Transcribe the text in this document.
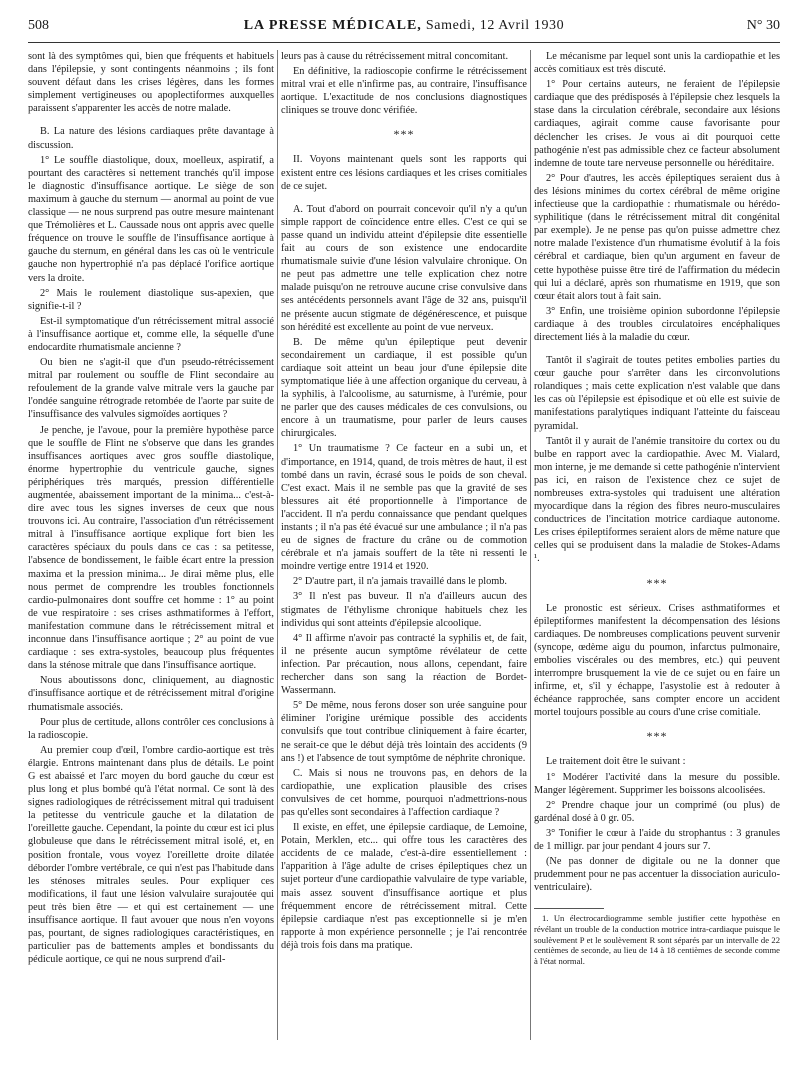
508	LA PRESSE MÉDICALE, Samedi, 12 Avril 1930	N° 30

sont là des symptômes qui, bien que fréquents et habituels dans l'épilepsie, y sont contingents néanmoins ; ils font souvent défaut dans les crises légères, dans les formes simplement vertigineuses ou apoplectiformes auxquelles paraissent s'apparenter les accès de notre malade.

B. La nature des lésions cardiaques prête davantage à discussion.

1° Le souffle diastolique, doux, moelleux, aspiratif, a pourtant des caractères si nettement tranchés qu'il impose le diagnostic d'insuffisance aortique. Le siège de son maximum à gauche du sternum — anormal au point de vue classique — ne nous surprend pas outre mesure maintenant que Trémolières et L. Caussade nous ont appris avec quelle fréquence on trouve le souffle de l'insuffisance aortique à gauche du sternum, en général dans les cas où le ventricule gauche non hypertrophié n'a pas déplacé l'orifice aortique vers la droite.

2° Mais le roulement diastolique sus-apexien, que signifie-t-il ?

Est-il symptomatique d'un rétrécissement mitral associé à l'insuffisance aortique et, comme elle, la séquelle d'une endocardite rhumatismale ancienne ?

Ou bien ne s'agit-il que d'un pseudo-rétrécissement mitral par roulement ou souffle de Flint secondaire au refoulement de la grande valve mitrale vers la gauche par l'ondée sanguine rétrograde retombée de l'aorte par suite de l'insuffisance des valvules sigmoïdes aortiques ?

Je penche, je l'avoue, pour la première hypothèse parce que le souffle de Flint ne s'observe que dans les grandes insuffisances aortiques avec gros souffle diastolique, énorme hypertrophie du ventricule gauche, signes périphériques très marqués, pression différentielle augmentée, abaissement important de la minima... c'est-à-dire avec tous les signes inverses de ceux que nous trouvons ici. Au contraire, l'association d'un rétrécissement mitral à l'insuffisance aortique explique fort bien les caractères spéciaux du pouls dans ce cas : sa petitesse, l'absence de bondissement, le faible écart entre la pression maxima et la pression minima... Je dirai même plus, elle nous permet de comprendre les troubles fonctionnels cardio-pulmonaires dont souffre cet homme : 1° au point de vue respiratoire : ses crises asthmatiformes à l'effort, manifestation commune dans le rétrécissement mitral et inconnue dans l'insuffisance aortique ; 2° au point de vue cardiaque : ses extra-systoles, beaucoup plus fréquentes dans la sténose mitrale que dans l'insuffisance aortique.

Nous aboutissons donc, cliniquement, au diagnostic d'insuffisance aortique et de rétrécissement mitral d'origine rhumatismale associés.

Pour plus de certitude, allons contrôler ces conclusions à la radioscopie.

Au premier coup d'œil, l'ombre cardio-aortique est très élargie. Entrons maintenant dans plus de détails. Le point G est abaissé et l'arc moyen du bord gauche du cœur est plus long et plus bombé qu'à l'état normal. Ce sont là des signes radiologiques de rétrécissement mitral qui traduisent la petitesse du ventricule gauche et la dilatation de l'oreillette gauche. Cependant, la pointe du cœur est ici plus globuleuse que dans le rétrécissement mitral isolé, et, en position frontale, vous voyez l'oreillette droite dilatée déborder l'ombre vertébrale, ce qui n'est pas l'habitude dans les sténoses mitrales seules. Pour expliquer ces modifications, il faut une lésion valvulaire surajoutée qui peut très bien être — et qui est certainement — une insuffisance aortique. Il faut avouer que nous n'en voyons pas, pourtant, de signes radiologiques caractéristiques, en particulier pas de battements amples et bondissants du pédicule aortique, ce qui ne nous surprend d'ail-

leurs pas à cause du rétrécissement mitral concomitant.

En définitive, la radioscopie confirme le rétrécissement mitral vrai et elle n'infirme pas, au contraire, l'insuffisance aortique. L'exactitude de nos conclusions diagnostiques cliniques se trouve donc vérifiée.

***

II. Voyons maintenant quels sont les rapports qui existent entre ces lésions cardiaques et les crises comitiales de ce sujet.

A. Tout d'abord on pourrait concevoir qu'il n'y a qu'un simple rapport de coïncidence entre elles. C'est ce qui se passe quand un individu atteint d'épilepsie dite essentielle fait au cours de son existence une endocardite rhumatismale suivie d'une lésion valvulaire chronique. On ne peut pas admettre une telle explication chez notre malade puisqu'on ne retrouve aucune crise convulsive dans ses antécédents personnels avant l'âge de 32 ans, puisqu'il ne présente aucun stigmate de dégénérescence, et puisque son hérédité est excellente au point de vue nerveux.

B. De même qu'un épileptique peut devenir secondairement un cardiaque, il est possible qu'un cardiaque soit atteint un beau jour d'une épilepsie dite symptomatique liée à une affection organique du cerveau, à la syphilis, à l'alcoolisme, au saturnisme, à l'urémie, pour ne parler que des causes médicales de ces convulsions, ou encore à un traumatisme, pour parler de leurs causes chirurgicales.

1° Un traumatisme ? Ce facteur en a subi un, et d'importance, en 1914, quand, de trois mètres de haut, il est tombé dans un ravin, écrasé sous le poids de son cheval. C'est exact. Mais il ne semble pas que la gravité de ses blessures ait été proportionnelle à l'importance de l'accident. Il n'a perdu connaissance que pendant quelques instants ; il n'a pas été évacué sur une ambulance ; il n'a pas eu de signes de fracture du crâne ou de commotion cérébrale et n'a jamais souffert de la tête ni ressenti le moindre vertige entre 1914 et 1920.

2° D'autre part, il n'a jamais travaillé dans le plomb.

3° Il n'est pas buveur. Il n'a d'ailleurs aucun des stigmates de l'éthylisme chronique habituels chez les individus qui sont atteints d'épilepsie alcoolique.

4° Il affirme n'avoir pas contracté la syphilis et, de fait, il ne présente aucun symptôme révélateur de cette infection. Par précaution, nous allons, cependant, faire rechercher dans son sang la réaction de Bordet-Wassermann.

5° De même, nous ferons doser son urée sanguine pour éliminer l'origine urémique possible des accidents convulsifs que tout contribue cliniquement à faire écarter, ne serait-ce que le début déjà très lointain des accidents (9 ans !) et l'absence de tout symptôme de néphrite chronique.

C. Mais si nous ne trouvons pas, en dehors de la cardiopathie, une explication plausible des crises convulsives de cet homme, pourquoi n'admettrions-nous pas qu'elles sont secondaires à l'affection cardiaque ?

Il existe, en effet, une épilepsie cardiaque, de Lemoine, Potain, Merklen, etc... qui offre tous les caractères des accidents de ce malade, c'est-à-dire essentiellement : l'apparition à l'âge adulte de crises épileptiques chez un sujet porteur d'une cardiopathie valvulaire de type variable, mais assez souvent d'insuffisance aortique et plus fréquemment encore de rétrécissement mitral. Cette épilepsie cardiaque n'est pas exceptionnelle si je m'en rapporte à mon expérience personnelle ; je l'ai rencontrée déjà trois fois dans ma pratique.

Le mécanisme par lequel sont unis la cardiopathie et les accès comitiaux est très discuté.

1° Pour certains auteurs, ne feraient de l'épilepsie cardiaque que des prédisposés à l'épilepsie chez lesquels la stase dans la circulation cérébrale, secondaire aux lésions cardiaques, agirait comme cause favorisante pour déclencher les crises. Je vous ai dit pourquoi cette pathogénie n'est pas admissible chez ce facteur absolument indemne de toute tare nerveuse personnelle ou héréditaire.

2° Pour d'autres, les accès épileptiques seraient dus à des lésions minimes du cortex cérébral de même origine infectieuse que la cardiopathie : rhumatismale ou hérédo-syphilitique (dans le rétrécissement mitral dit congénital par exemple). Je ne pense pas qu'on puisse admettre chez notre malade l'existence d'un rhumatisme évolutif à la fois cérébral et cardiaque, bien qu'un argument en faveur de cette hypothèse puisse être tiré de l'affirmation du médecin qui lui a déclaré, après son rhumatisme en 1919, que son cœur était alors tout à fait sain.

3° Enfin, une troisième opinion subordonne l'épilepsie cardiaque à des troubles circulatoires encéphaliques directement liés à la maladie du cœur.

Tantôt il s'agirait de toutes petites embolies parties du cœur gauche pour s'arrêter dans les circonvolutions rolandiques ; mais cette explication n'est valable que dans les cas où l'épilepsie est épisodique et où elle est suivie de manifestations paralytiques indiquant l'atteinte du faisceau pyramidal.

Tantôt il y aurait de l'anémie transitoire du cortex ou du bulbe en rapport avec la cardiopathie. Avec M. Vialard, mon interne, je me demande si cette pathogénie n'intervient pas ici, en raison de l'existence chez ce sujet de nombreuses extra-systoles qui traduisent une altération myocardique dans la région des fibres neuro-musculaires conductrices de l'incitation motrice cardiaque autonome. Les crises épileptiformes seraient alors de même nature que celles qui se produisent dans la maladie de Stokes-Adams ¹.

***

Le pronostic est sérieux. Crises asthmatiformes et épileptiformes manifestent la décompensation des lésions cardiaques. De nombreuses complications peuvent survenir (syncope, œdème aigu du poumon, infarctus pulmonaire, embolies viscérales ou des membres, etc.) qui peuvent interrompre brusquement la vie de ce sujet ou en faire un infirme, et, s'il y échappe, l'asystolie est à redouter à échéance rapprochée, sans compter encore un accident mortel toujours possible au cours d'une crise comitiale.

***

Le traitement doit être le suivant :

1° Modérer l'activité dans la mesure du possible. Manger légèrement. Supprimer les boissons alcoolisées.

2° Prendre chaque jour un comprimé (ou plus) de gardénal dosé à 0 gr. 05.

3° Tonifier le cœur à l'aide du strophantus : 3 granules de 1 milligr. par jour pendant 4 jours sur 7.

(Ne pas donner de digitale ou ne la donner que prudemment pour ne pas accentuer la dissociation auriculo-ventriculaire).

1. Un électrocardiogramme semble justifier cette hypothèse en révélant un trouble de la conduction motrice intra-cardiaque puisque le soulèvement P et le soulèvement R sont séparés par un intervalle de 22 centièmes de seconde, au lieu de 14 à 18 centièmes de seconde comme à l'état normal.
